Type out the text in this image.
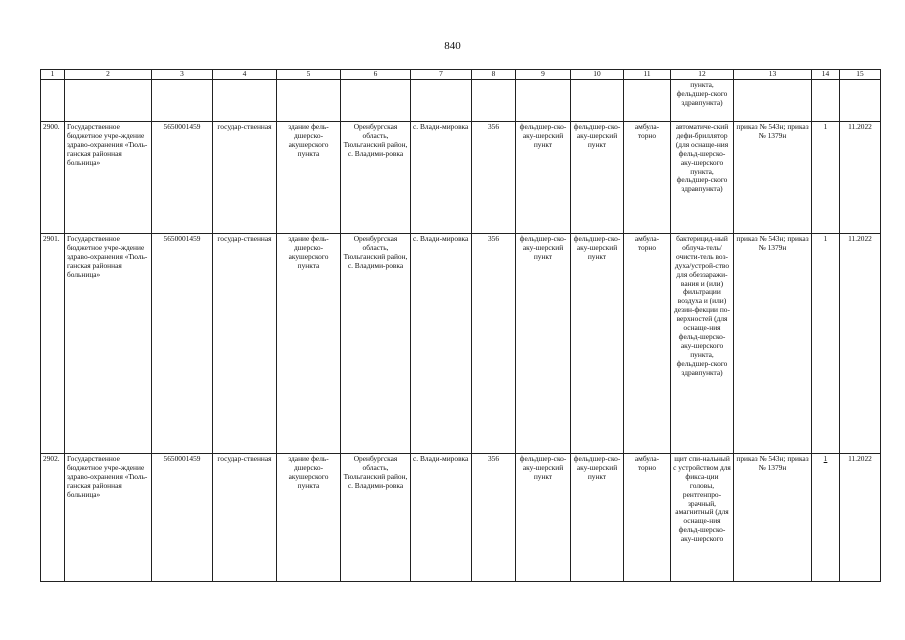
840
1	2	3	4	5	6	7	8	9	10	11	12	13	14	15
											пункта, фельдшер-ского здравпункта)			
2900.	Государственное бюджетное учре-ждение здраво-охранения «Тюль-ганская районная больница»	5650001459	государ-ственная	здание фель-дшерско-акушерского пункта	Оренбургская область, Тюльганский район, с. Владими-ровка	с. Влади-мировка	356	фельдшер-ско-аку-шерский пункт	фельдшер-ско-аку-шерский пункт	амбула-торно	автоматиче-ский дефи-бриллятор (для оснаще-ния фельд-шерско-аку-шерского пункта, фельдшер-ского здравпункта)	приказ № 543н; приказ № 1379н	1	11.2022
2901.	Государственное бюджетное учре-ждение здраво-охранения «Тюль-ганская районная больница»	5650001459	государ-ственная	здание фель-дшерско-акушерского пункта	Оренбургская область, Тюльганский район, с. Владими-ровка	с. Влади-мировка	356	фельдшер-ско-аку-шерский пункт	фельдшер-ско-аку-шерский пункт	амбула-торно	бактерицид-ный облуча-тель/очисти-тель воз-духа/устрой-ство для обеззаражи-вания и (или) фильтрации воздуха и (или) дезин-фекции по-верхностей (для оснаще-ния фельд-шерско-аку-шерского пункта, фельдшер-ского здравпункта)	приказ № 543н; приказ № 1379н	1	11.2022
2902.	Государственное бюджетное учре-ждение здраво-охранения «Тюль-ганская районная больница»	5650001459	государ-ственная	здание фель-дшерско-акушерского пункта	Оренбургская область, Тюльганский район, с. Владими-ровка	с. Влади-мировка	356	фельдшер-ско-аку-шерский пункт	фельдшер-ско-аку-шерский пункт	амбула-торно	щит спи-нальный с устройством для фикса-ции головы, рентгенпро-зрачный, амагнитный (для оснаще-ния фельд-шерско-аку-шерского	приказ № 543н; приказ № 1379н	1	11.2022
